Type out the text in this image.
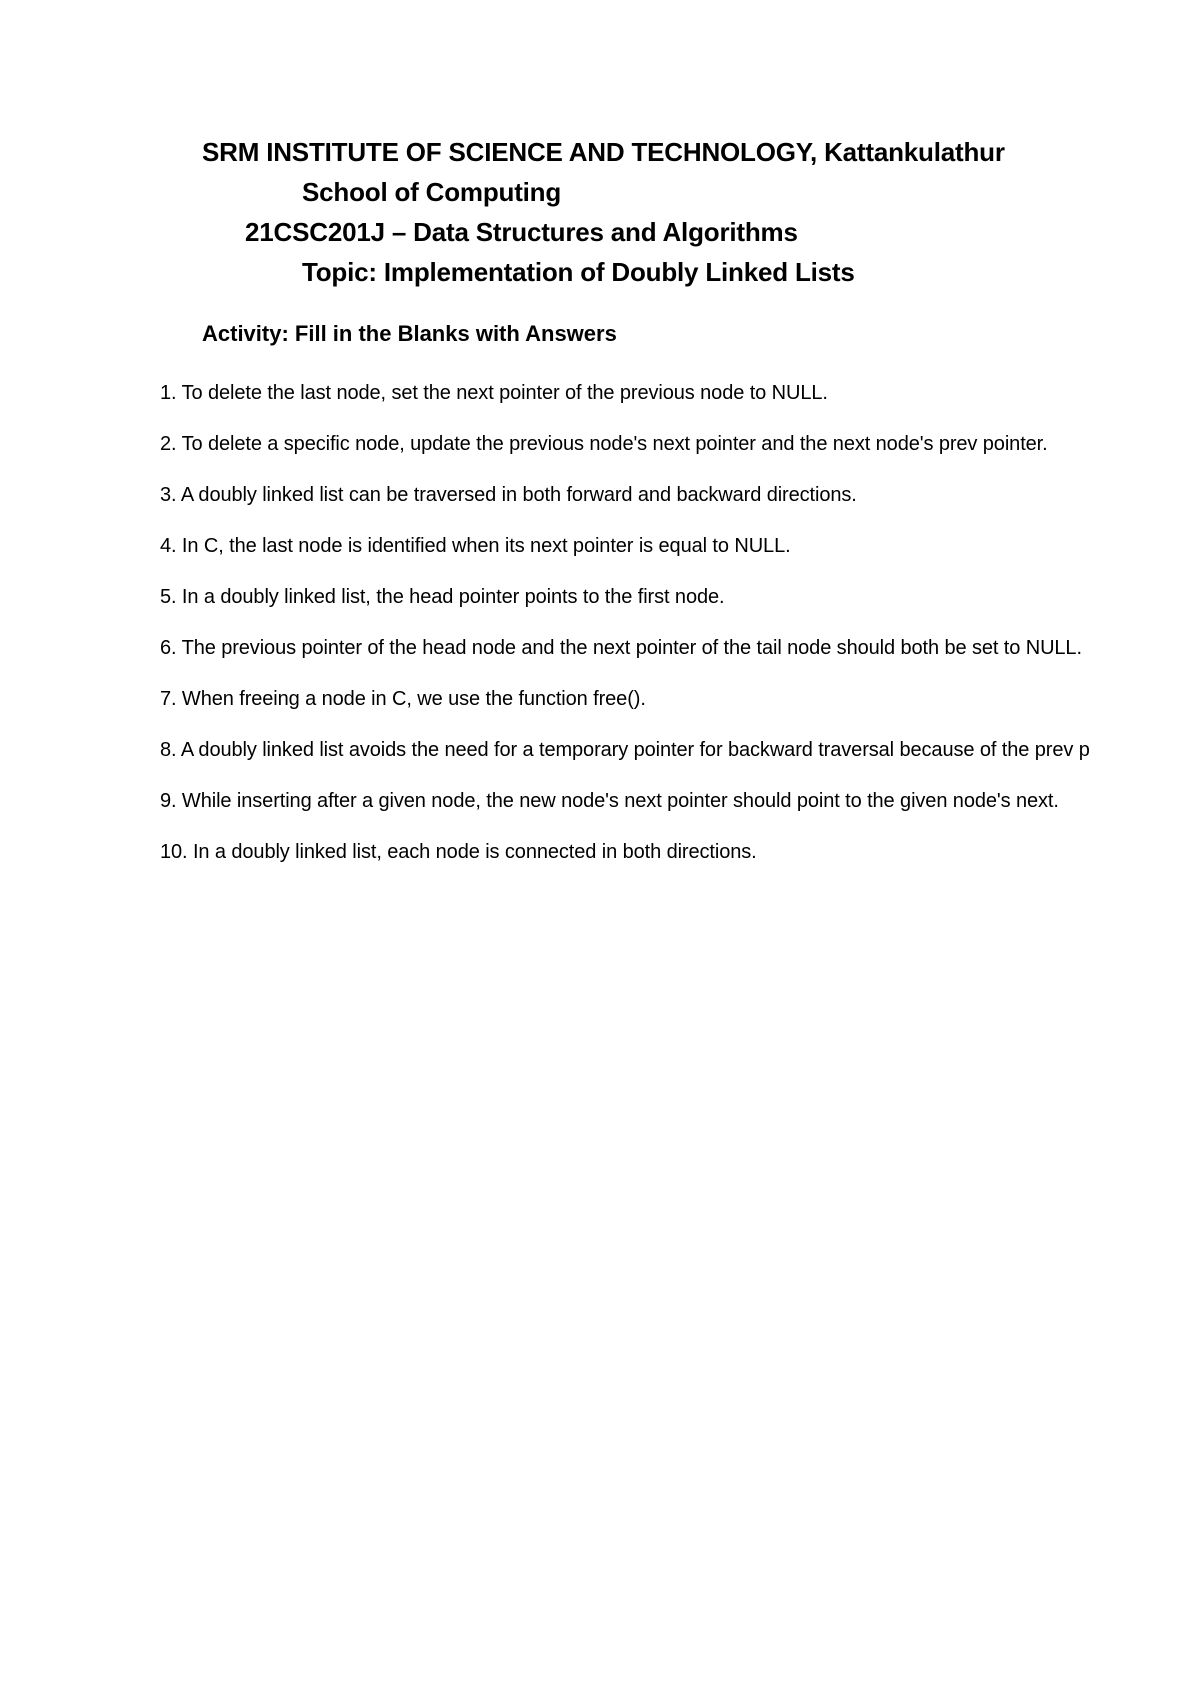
SRM INSTITUTE OF SCIENCE AND TECHNOLOGY, Kattankulathur
School of Computing
21CSC201J – Data Structures and Algorithms
Topic: Implementation of Doubly Linked Lists
Activity: Fill in the Blanks with Answers
1. To delete the last node, set the next pointer of the previous node to NULL.
2. To delete a specific node, update the previous node's next pointer and the next node's prev pointer.
3. A doubly linked list can be traversed in both forward and backward directions.
4. In C, the last node is identified when its next pointer is equal to NULL.
5. In a doubly linked list, the head pointer points to the first node.
6. The previous pointer of the head node and the next pointer of the tail node should both be set to NULL.
7. When freeing a node in C, we use the function free().
8. A doubly linked list avoids the need for a temporary pointer for backward traversal because of the prev p
9. While inserting after a given node, the new node's next pointer should point to the given node's next.
10. In a doubly linked list, each node is connected in both directions.
